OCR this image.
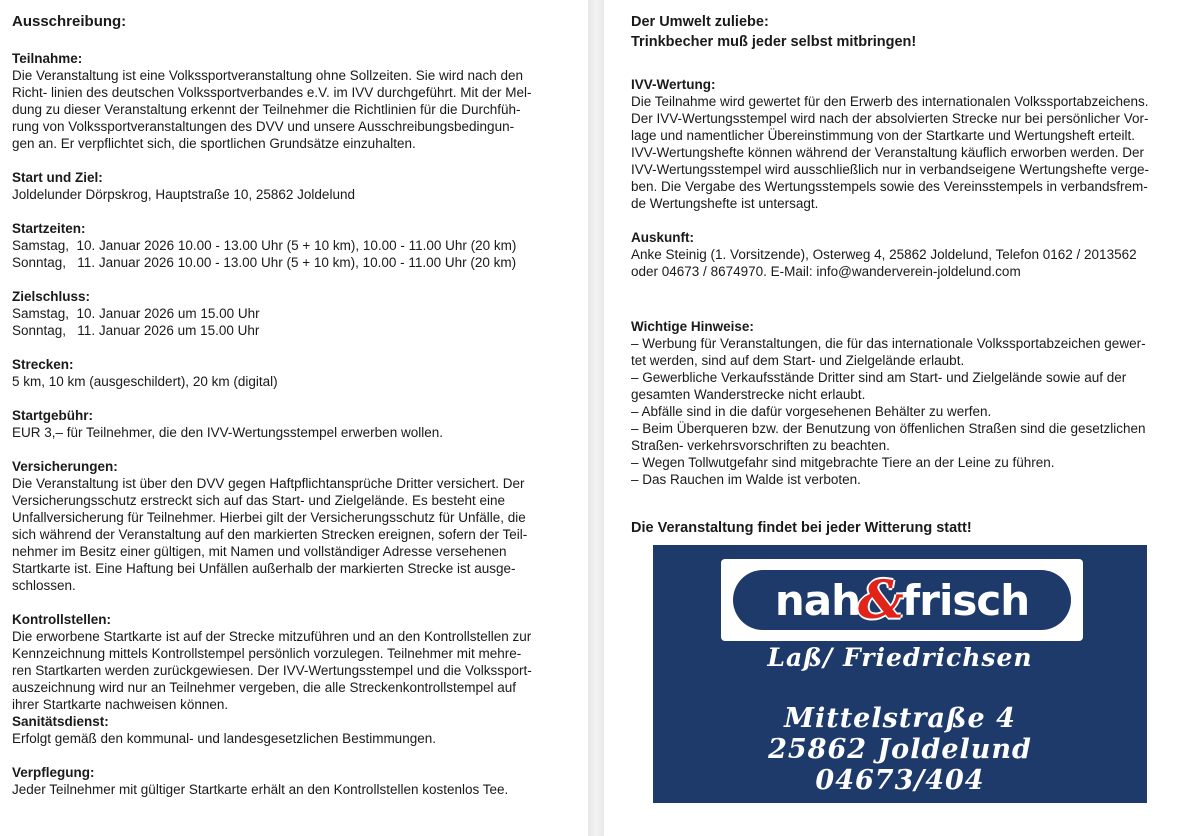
Ausschreibung:
Teilnahme:
Die Veranstaltung ist eine Volkssportveranstaltung ohne Sollzeiten. Sie wird nach den
Richt- linien des deutschen Volkssportverbandes e.V. im IVV durchgeführt. Mit der Mel-
dung zu dieser Veranstaltung erkennt der Teilnehmer die Richtlinien für die Durchfüh-
rung von Volkssportveranstaltungen des DVV und unsere Ausschreibungsbedingun-
gen an. Er verpflichtet sich, die sportlichen Grundsätze einzuhalten.
Start und Ziel:
Joldelunder Dörpskrog, Hauptstraße 10, 25862 Joldelund
Startzeiten:
Samstag,  10. Januar 2026 10.00 - 13.00 Uhr (5 + 10 km), 10.00 - 11.00 Uhr (20 km)
Sonntag,   11. Januar 2026 10.00 - 13.00 Uhr (5 + 10 km), 10.00 - 11.00 Uhr (20 km)
Zielschluss:
Samstag,  10. Januar 2026 um 15.00 Uhr
Sonntag,   11. Januar 2026 um 15.00 Uhr
Strecken:
5 km, 10 km (ausgeschildert), 20 km (digital)
Startgebühr:
EUR 3,– für Teilnehmer, die den IVV-Wertungsstempel erwerben wollen.
Versicherungen:
Die Veranstaltung ist über den DVV gegen Haftpflichtansprüche Dritter versichert. Der
Versicherungsschutz erstreckt sich auf das Start- und Zielgelände. Es besteht eine
Unfallversicherung für Teilnehmer. Hierbei gilt der Versicherungsschutz für Unfälle, die
sich während der Veranstaltung auf den markierten Strecken ereignen, sofern der Teil-
nehmer im Besitz einer gültigen, mit Namen und vollständiger Adresse versehenen
Startkarte ist. Eine Haftung bei Unfällen außerhalb der markierten Strecke ist ausge-
schlossen.
Kontrollstellen:
Die erworbene Startkarte ist auf der Strecke mitzuführen und an den Kontrollstellen zur
Kennzeichnung mittels Kontrollstempel persönlich vorzulegen. Teilnehmer mit mehre-
ren Startkarten werden zurückgewiesen. Der IVV-Wertungsstempel und die Volkssport-
auszeichnung wird nur an Teilnehmer vergeben, die alle Streckenkontrollstempel auf
ihrer Startkarte nachweisen können.
Sanitätsdienst:
Erfolgt gemäß den kommunal- und landesgesetzlichen Bestimmungen.
Verpflegung:
Jeder Teilnehmer mit gültiger Startkarte erhält an den Kontrollstellen kostenlos Tee.
Der Umwelt zuliebe:
Trinkbecher muß jeder selbst mitbringen!
IVV-Wertung:
Die Teilnahme wird gewertet für den Erwerb des internationalen Volkssportabzeichens.
Der IVV-Wertungsstempel wird nach der absolvierten Strecke nur bei persönlicher Vor-
lage und namentlicher Übereinstimmung von der Startkarte und Wertungsheft erteilt.
IVV-Wertungshefte können während der Veranstaltung käuflich erworben werden. Der
IVV-Wertungsstempel wird ausschließlich nur in verbandseigene Wertungshefte verge-
ben. Die Vergabe des Wertungsstempels sowie des Vereinsstempels in verbandsfrem-
de Wertungshefte ist untersagt.
Auskunft:
Anke Steinig (1. Vorsitzende), Osterweg 4, 25862 Joldelund, Telefon 0162 / 2013562
oder 04673 / 8674970. E-Mail: info@wanderverein-joldelund.com
Wichtige Hinweise:
– Werbung für Veranstaltungen, die für das internationale Volkssportabzeichen gewer-
tet werden, sind auf dem Start- und Zielgelände erlaubt.
– Gewerbliche Verkaufsstände Dritter sind am Start- und Zielgelände sowie auf der
gesamten Wanderstrecke nicht erlaubt.
– Abfälle sind in die dafür vorgesehenen Behälter zu werfen.
– Beim Überqueren bzw. der Benutzung von öffenlichen Straßen sind die gesetzlichen
Straßen- verkehrsvorschriften zu beachten.
– Wegen Tollwutgefahr sind mitgebrachte Tiere an der Leine zu führen.
– Das Rauchen im Walde ist verboten.
Die Veranstaltung findet bei jeder Witterung statt!
nah
&
frisch
Laß/ Friedrichsen
Mittelstraße 4
25862 Joldelund
04673/404
